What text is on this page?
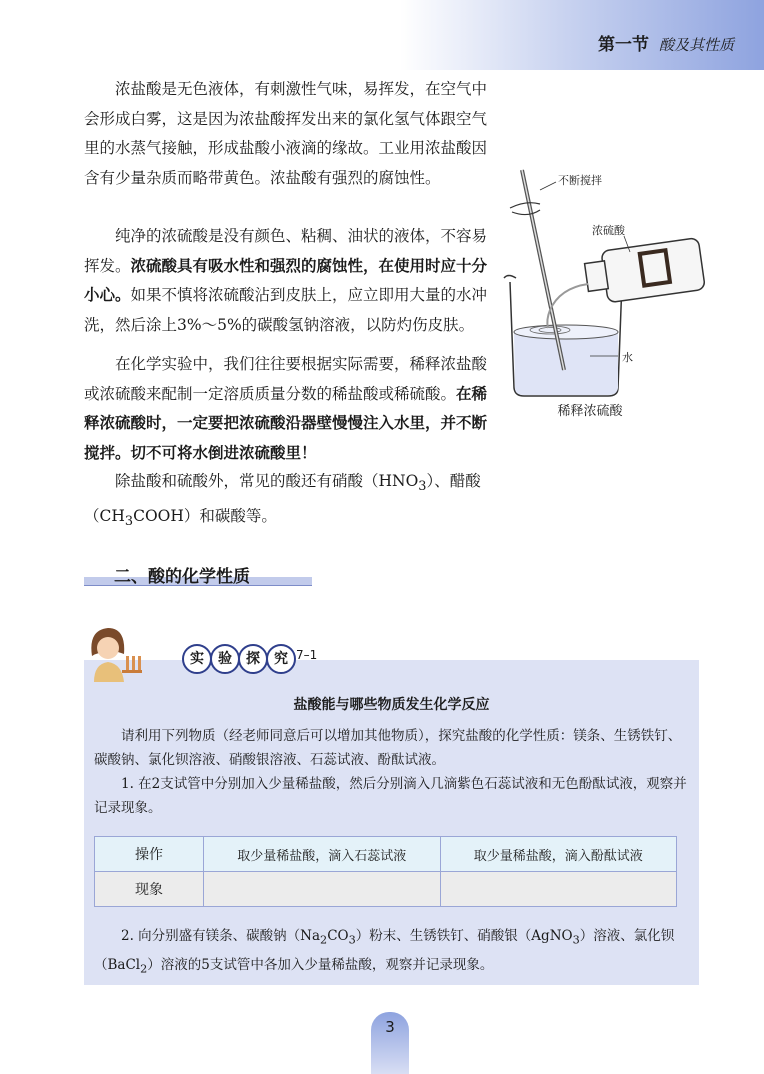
第一节 酸及其性质

浓盐酸是无色液体，有刺激性气味，易挥发，在空气中会形成白雾，这是因为浓盐酸挥发出来的氯化氢气体跟空气里的水蒸气接触，形成盐酸小液滴的缘故。工业用浓盐酸因含有少量杂质而略带黄色。浓盐酸有强烈的腐蚀性。

纯净的浓硫酸是没有颜色、粘稠、油状的液体，不容易挥发。浓硫酸具有吸水性和强烈的腐蚀性，在使用时应十分小心。如果不慎将浓硫酸沾到皮肤上，应立即用大量的水冲洗，然后涂上3%～5%的碳酸氢钠溶液，以防灼伤皮肤。

在化学实验中，我们往往要根据实际需要，稀释浓盐酸或浓硫酸来配制一定溶质质量分数的稀盐酸或稀硫酸。在稀释浓硫酸时，一定要把浓硫酸沿器壁慢慢注入水里，并不断搅拌。切不可将水倒进浓硫酸里！

除盐酸和硫酸外，常见的酸还有硝酸$(HNO_3)$、醋酸$(CH_3COOH)$和碳酸等。

不断搅拌
浓硫酸
水
稀释浓硫酸
二、酸的化学性质
实	验	探	究 7–1
盐酸能与哪些物质发生化学反应

请利用下列物质（经老师同意后可以增加其他物质），探究盐酸的化学性质：镁条、生锈铁钉、碳酸钠、氯化钡溶液、硝酸银溶液、石蕊试液、酚酞试液。

1. 在2支试管中分别加入少量稀盐酸，然后分别滴入几滴紫色石蕊试液和无色酚酞试液，观察并记录现象。

操作	取少量稀盐酸，滴入石蕊试液	取少量稀盐酸，滴入酚酞试液
现象		

2. 向分别盛有镁条、碳酸钠$(Na_2CO_3)$粉末、生锈铁钉、硝酸银（AgNO$_3$）溶液、氯化钡（BaCl$_2$）溶液的5支试管中各加入少量稀盐酸，观察并记录现象。

3
